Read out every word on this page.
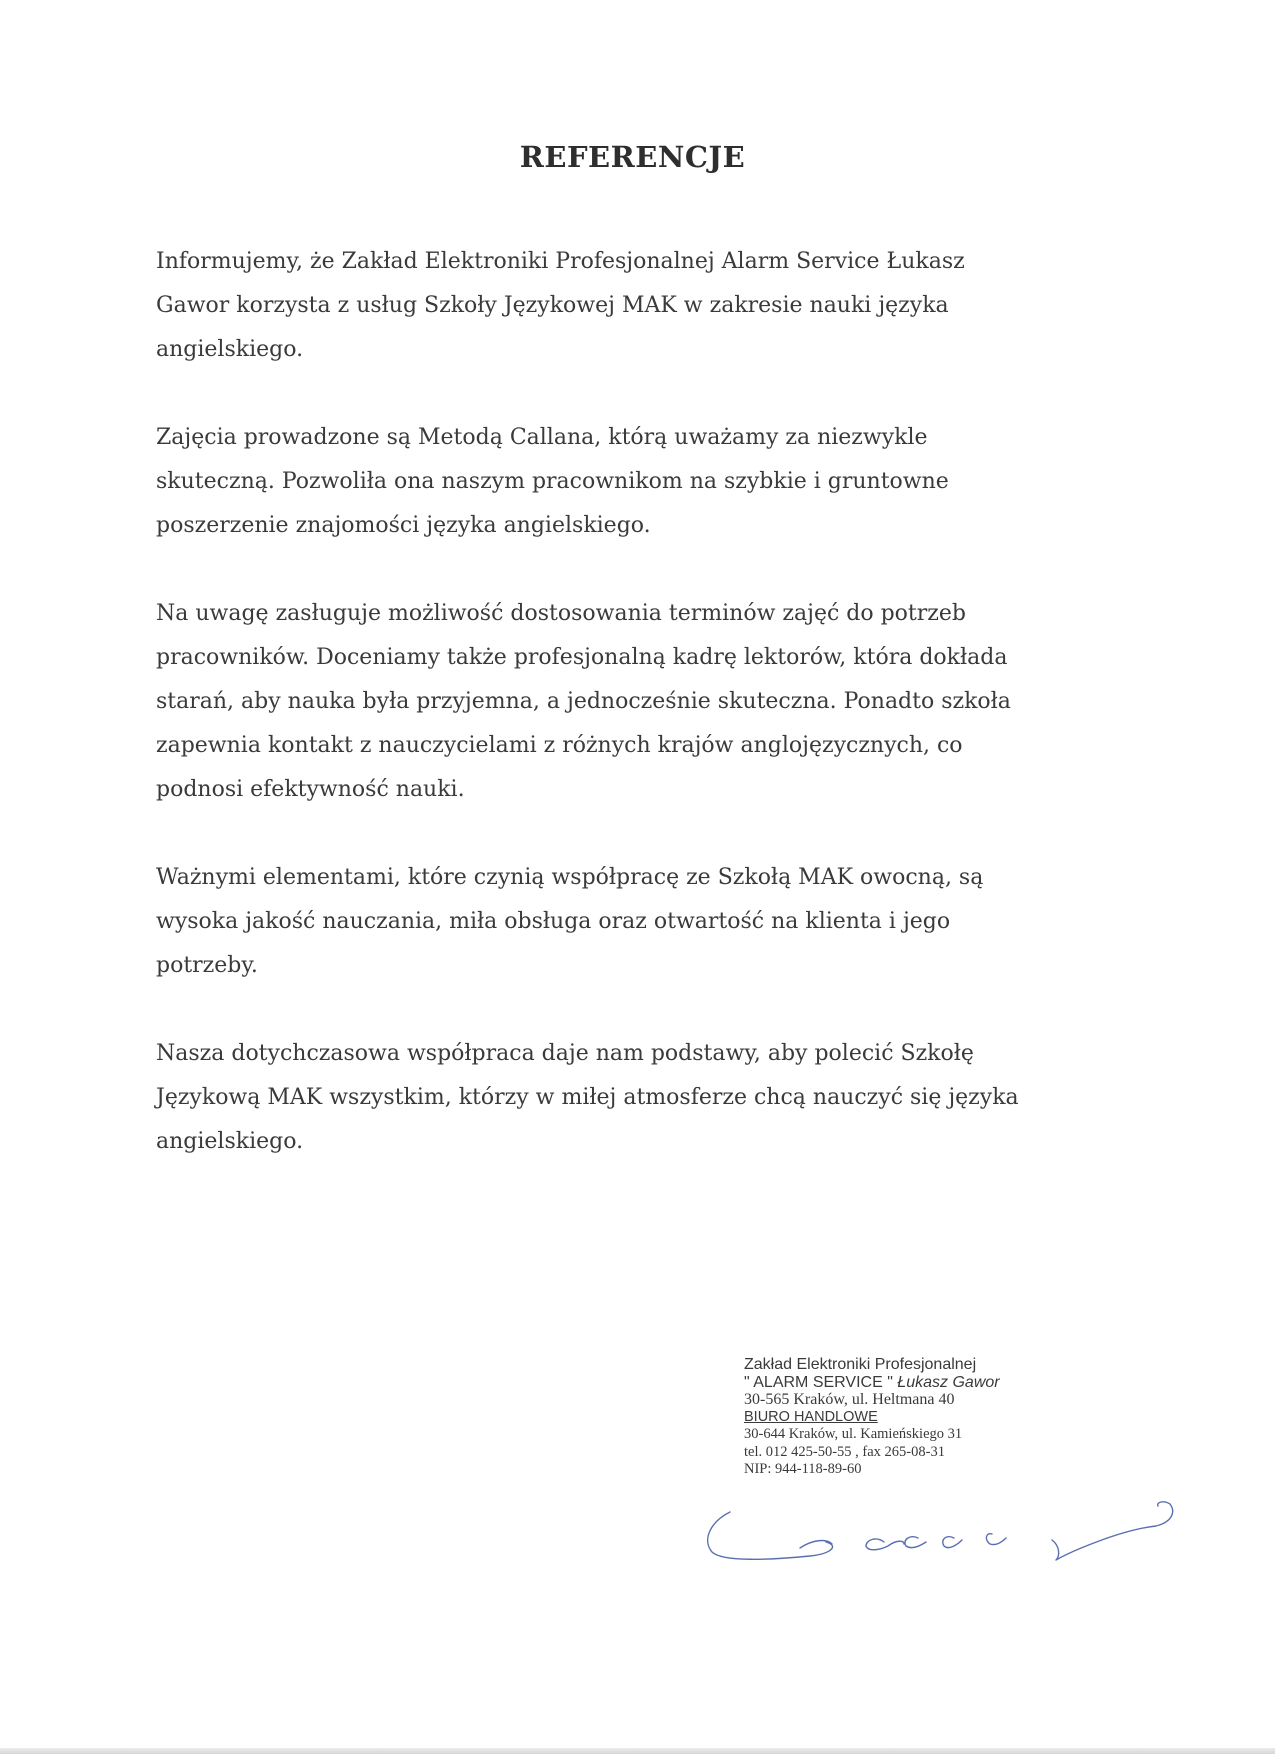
REFERENCJE

Informujemy, że Zakład Elektroniki Profesjonalnej Alarm Service Łukasz
Gawor korzysta z usług Szkoły Językowej MAK w zakresie nauki języka
angielskiego.

Zajęcia prowadzone są Metodą Callana, którą uważamy za niezwykle
skuteczną. Pozwoliła ona naszym pracownikom na szybkie i gruntowne
poszerzenie znajomości języka angielskiego.

Na uwagę zasługuje możliwość dostosowania terminów zajęć do potrzeb
pracowników. Doceniamy także profesjonalną kadrę lektorów, która dokłada
starań, aby nauka była przyjemna, a jednocześnie skuteczna. Ponadto szkoła
zapewnia kontakt z nauczycielami z różnych krajów anglojęzycznych, co
podnosi efektywność nauki.

Ważnymi elementami, które czynią współpracę ze Szkołą MAK owocną, są
wysoka jakość nauczania, miła obsługa oraz otwartość na klienta i jego
potrzeby.

Nasza dotychczasowa współpraca daje nam podstawy, aby polecić Szkołę
Językową MAK wszystkim, którzy w miłej atmosferze chcą nauczyć się języka
angielskiego.

Zakład Elektroniki Profesjonalnej
" ALARM SERVICE " Łukasz Gawor
30-565 Kraków, ul. Heltmana 40
BIURO HANDLOWE
30-644 Kraków, ul. Kamieńskiego 31
tel. 012 425-50-55 , fax 265-08-31
NIP: 944-118-89-60
